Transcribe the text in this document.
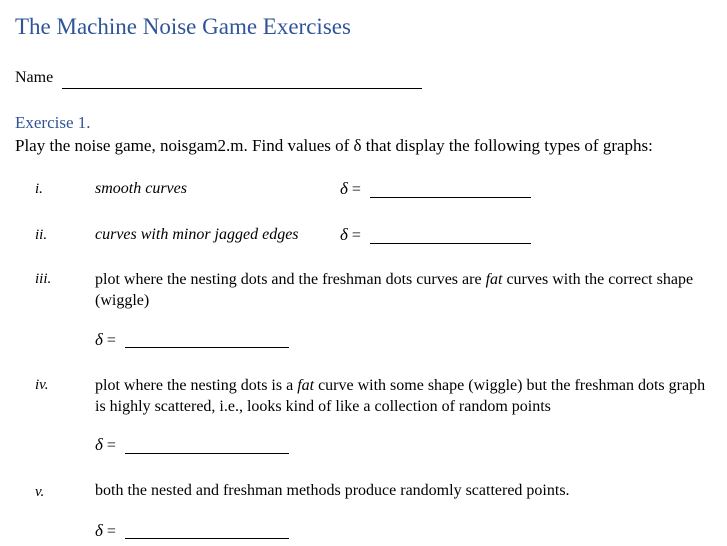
The Machine Noise Game Exercises
Name
Exercise 1.
Play the noise game, noisgam2.m. Find values of δ that display the following types of graphs:
i.	smooth curves	δ =
ii.	curves with minor jagged edges δ =
iii.	plot where the nesting dots and the freshman dots curves are fat curves with the correct shape (wiggle)
δ =
iv.	plot where the nesting dots is a fat curve with some shape (wiggle) but the freshman dots graph is highly scattered, i.e., looks kind of like a collection of random points
δ =
v.	both the nested and freshman methods produce randomly scattered points.
δ =
